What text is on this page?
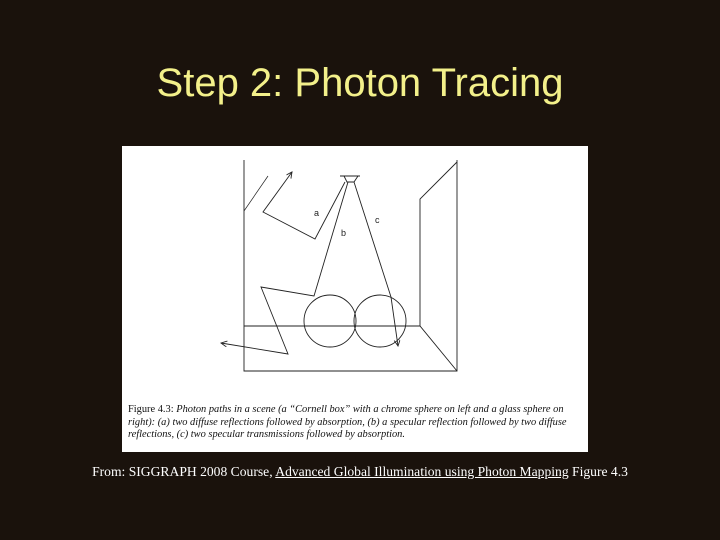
Step 2: Photon Tracing
a
b
c
Figure 4.3: Photon paths in a scene (a “Cornell box” with a chrome sphere on left and a glass sphere on right): (a) two diffuse reflections followed by absorption, (b) a specular reflection followed by two diffuse reflections, (c) two specular transmissions followed by absorption.
From: SIGGRAPH 2008 Course, Advanced Global Illumination using Photon Mapping Figure 4.3
